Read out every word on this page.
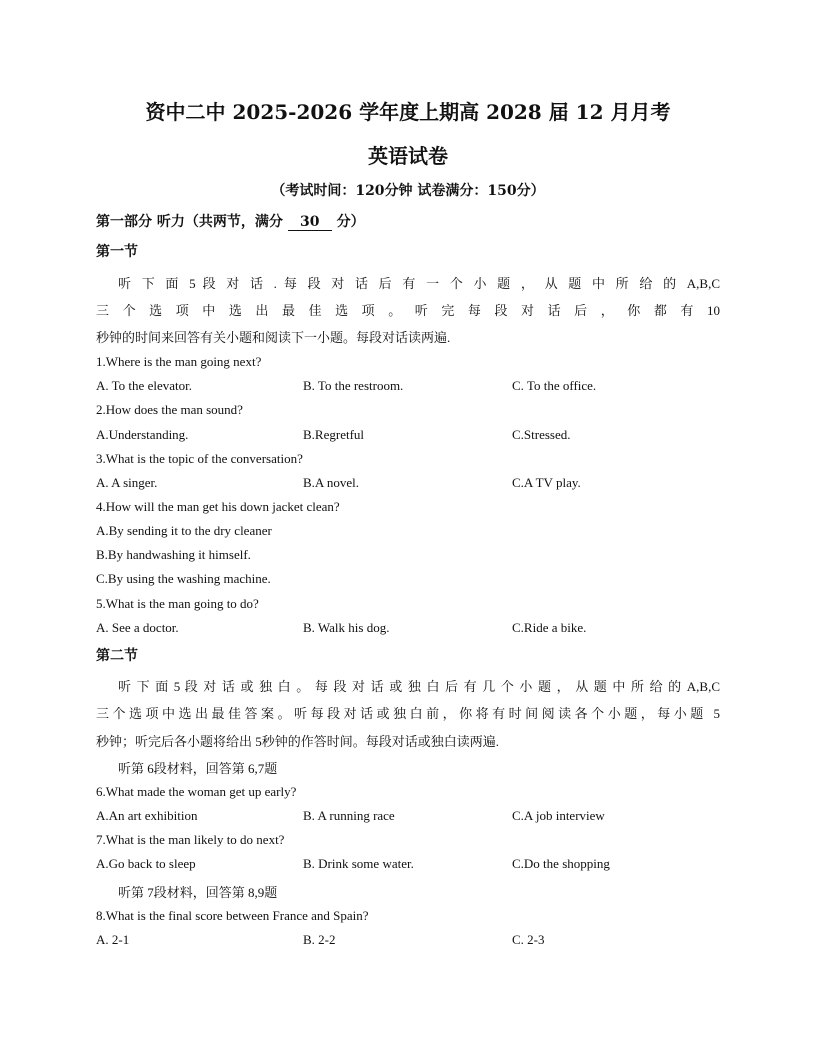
资中二中 2025-2026 学年度上期高 2028 届 12 月月考
英语试卷
（考试时间：120分钟 试卷满分：150分）
第一部分 听力（共两节，满分 30 分）
第一节
听 下 面 5 段 对 话 . 每 段 对 话 后 有 一 个 小 题 ， 从 题 中 所 给 的 A,B,C
三 个 选 项 中 选 出 最 佳 选 项 。 听 完 每 段 对 话 后 ， 你 都 有 10
秒钟的时间来回答有关小题和阅读下一小题。每段对话读两遍.
1.Where is the man going next?
A. To the elevator.	B. To the restroom.	C. To the office.
2.How does the man sound?
A.Understanding.	B.Regretful	C.Stressed.
3.What is the topic of the conversation?
A. A singer.	B.A novel.	C.A TV play.
4.How will the man get his down jacket clean?
A.By sending it to the dry cleaner
B.By handwashing it himself.
C.By using the washing machine.
5.What is the man going to do?
A. See a doctor.	B. Walk his dog.	C.Ride a bike.
第二节
听 下 面 5 段 对 话 或 独 白 。 每 段 对 话 或 独 白 后 有 几 个 小 题 ， 从 题 中 所 给 的 A,B,C
三个选项中选出最佳答案。听每段对话或独白前，你将有时间阅读各个小题，每小题 5
秒钟；听完后各小题将给出 5秒钟的作答时间。每段对话或独白读两遍.
听第 6段材料，回答第 6,7题
6.What made the woman get up early?
A.An art exhibition	B. A running race	C.A job interview
7.What is the man likely to do next?
A.Go back to sleep	B. Drink some water.	C.Do the shopping
听第 7段材料，回答第 8,9题
8.What is the final score between France and Spain?
A. 2-1	B. 2-2	C. 2-3
